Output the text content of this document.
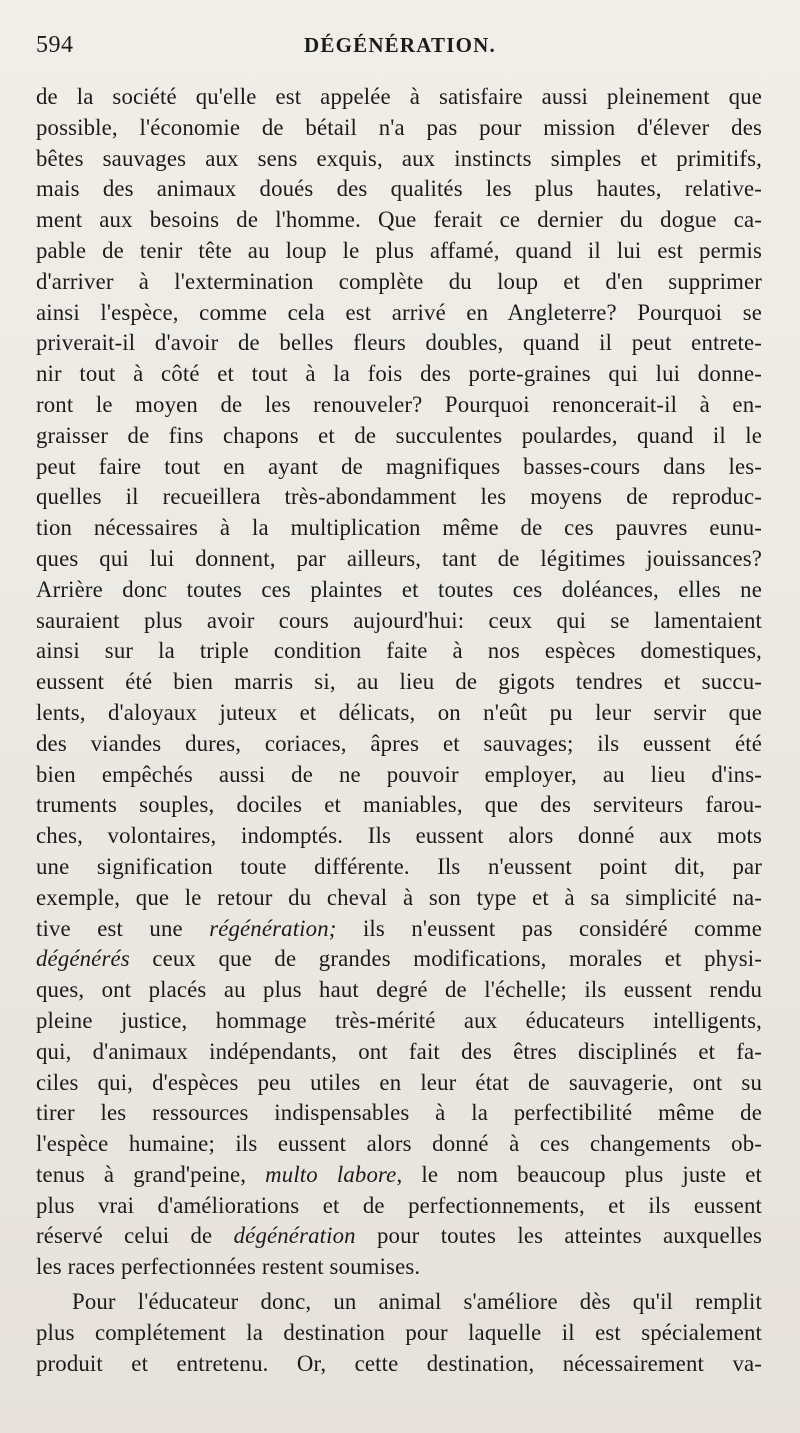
594	DÉGÉNÉRATION.
de la société qu'elle est appelée à satisfaire aussi pleinement que
possible, l'économie de bétail n'a pas pour mission d'élever des
bêtes sauvages aux sens exquis, aux instincts simples et primitifs,
mais des animaux doués des qualités les plus hautes, relative-
ment aux besoins de l'homme. Que ferait ce dernier du dogue ca-
pable de tenir tête au loup le plus affamé, quand il lui est permis
d'arriver à l'extermination complète du loup et d'en supprimer
ainsi l'espèce, comme cela est arrivé en Angleterre? Pourquoi se
priverait-il d'avoir de belles fleurs doubles, quand il peut entrete-
nir tout à côté et tout à la fois des porte-graines qui lui donne-
ront le moyen de les renouveler? Pourquoi renoncerait-il à en-
graisser de fins chapons et de succulentes poulardes, quand il le
peut faire tout en ayant de magnifiques basses-cours dans les-
quelles il recueillera très-abondamment les moyens de reproduc-
tion nécessaires à la multiplication même de ces pauvres eunu-
ques qui lui donnent, par ailleurs, tant de légitimes jouissances?
Arrière donc toutes ces plaintes et toutes ces doléances, elles ne
sauraient plus avoir cours aujourd'hui: ceux qui se lamentaient
ainsi sur la triple condition faite à nos espèces domestiques,
eussent été bien marris si, au lieu de gigots tendres et succu-
lents, d'aloyaux juteux et délicats, on n'eût pu leur servir que
des viandes dures, coriaces, âpres et sauvages; ils eussent été
bien empêchés aussi de ne pouvoir employer, au lieu d'ins-
truments souples, dociles et maniables, que des serviteurs farou-
ches, volontaires, indomptés. Ils eussent alors donné aux mots
une signification toute différente. Ils n'eussent point dit, par
exemple, que le retour du cheval à son type et à sa simplicité na-
tive est une régénération; ils n'eussent pas considéré comme
dégénérés ceux que de grandes modifications, morales et physi-
ques, ont placés au plus haut degré de l'échelle; ils eussent rendu
pleine justice, hommage très-mérité aux éducateurs intelligents,
qui, d'animaux indépendants, ont fait des êtres disciplinés et fa-
ciles qui, d'espèces peu utiles en leur état de sauvagerie, ont su
tirer les ressources indispensables à la perfectibilité même de
l'espèce humaine; ils eussent alors donné à ces changements ob-
tenus à grand'peine, multo labore, le nom beaucoup plus juste et
plus vrai d'améliorations et de perfectionnements, et ils eussent
réservé celui de dégénération pour toutes les atteintes auxquelles
les races perfectionnées restent soumises.
Pour l'éducateur donc, un animal s'améliore dès qu'il remplit
plus complétement la destination pour laquelle il est spécialement
produit et entretenu. Or, cette destination, nécessairement va-
